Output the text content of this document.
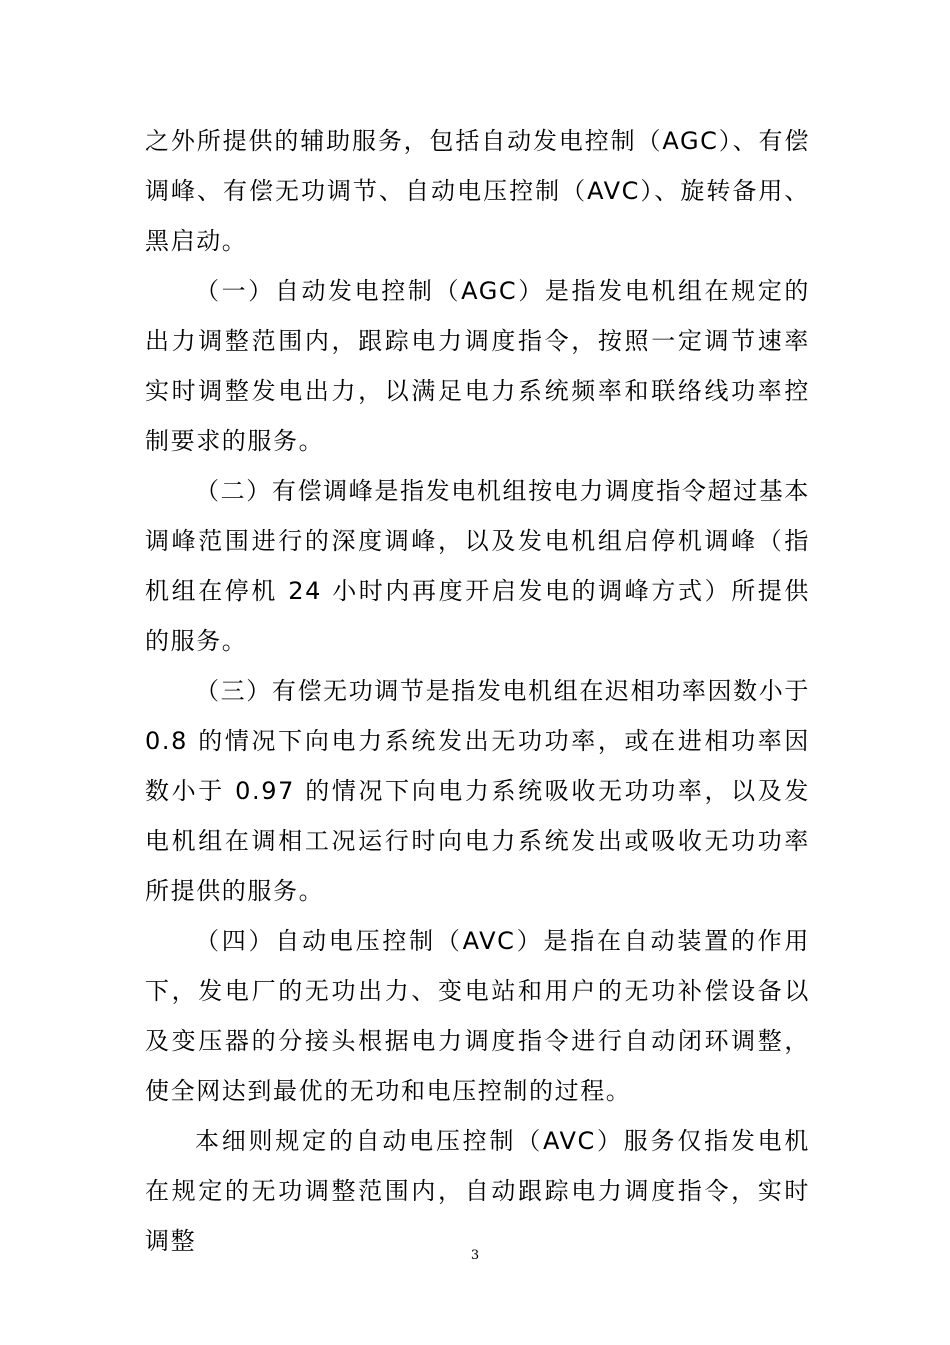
之外所提供的辅助服务，包括自动发电控制（AGC）、有偿调峰、有偿无功调节、自动电压控制（AVC）、旋转备用、黑启动。

（一）自动发电控制（AGC）是指发电机组在规定的出力调整范围内，跟踪电力调度指令，按照一定调节速率实时调整发电出力，以满足电力系统频率和联络线功率控制要求的服务。

（二）有偿调峰是指发电机组按电力调度指令超过基本调峰范围进行的深度调峰，以及发电机组启停机调峰（指机组在停机 24 小时内再度开启发电的调峰方式）所提供的服务。

（三）有偿无功调节是指发电机组在迟相功率因数小于 0.8 的情况下向电力系统发出无功功率，或在进相功率因数小于 0.97 的情况下向电力系统吸收无功功率，以及发电机组在调相工况运行时向电力系统发出或吸收无功功率所提供的服务。

（四）自动电压控制（AVC）是指在自动装置的作用下，发电厂的无功出力、变电站和用户的无功补偿设备以及变压器的分接头根据电力调度指令进行自动闭环调整，使全网达到最优的无功和电压控制的过程。

本细则规定的自动电压控制（AVC）服务仅指发电机在规定的无功调整范围内，自动跟踪电力调度指令，实时调整

3
